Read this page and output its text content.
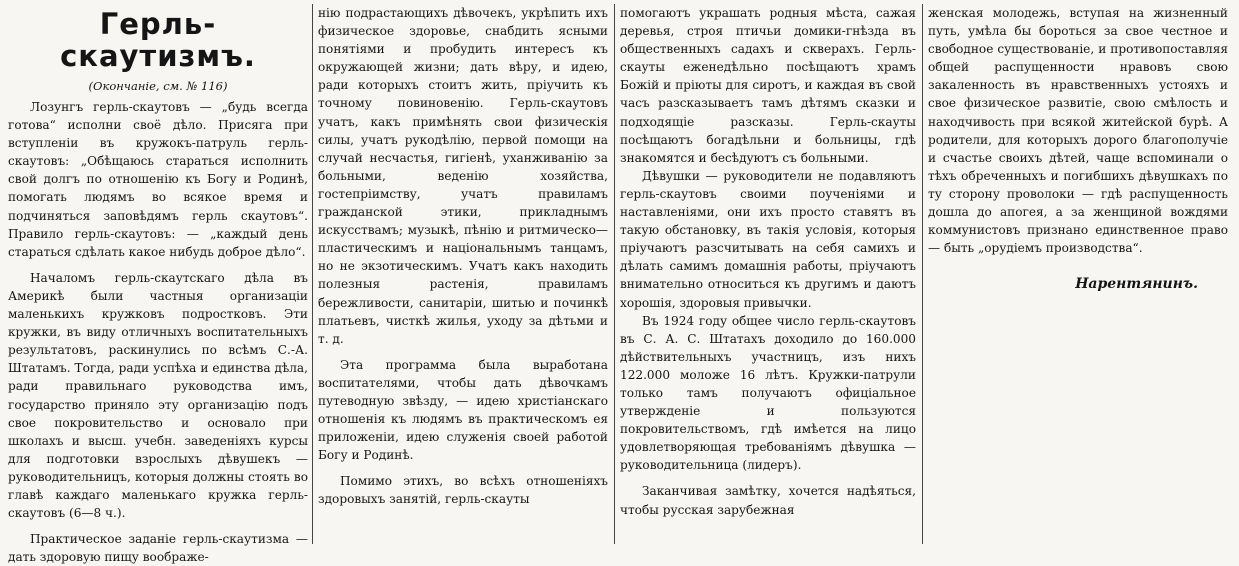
Герль-скаутизмъ.
(Окончаніе, см. № 116)

Лозунгъ герль-скаутовъ — „будь всегда готова“ исполни своё дѣло. Присяга при вступленіи въ кружокъ-патруль герль-скаутовъ: „Обѣщаюсь стараться исполнить свой долгъ по отношенію къ Богу и Родинѣ, помогать людямъ во всякое время и подчиняться заповѣдямъ герль скаутовъ“. Правило герль-скаутовъ: — „каждый день стараться сдѣлать какое нибудь доброе дѣло“.

Началомъ герль-скаутскаго дѣла въ Америкѣ были частныя организаціи маленькихъ кружковъ подростковъ. Эти кружки, въ виду отличныхъ воспитательныхъ результатовъ, раскинулись по всѣмъ С.-А. Штатамъ. Тогда, ради успѣха и единства дѣла, ради правильнаго руководства имъ, государство приняло эту организацію подъ свое покровительство и основало при школахъ и высш. учебн. заведеніяхъ курсы для подготовки взрослыхъ дѣвушекъ — руководительницъ, которыя должны стоять во главѣ каждаго маленькаго кружка герль-скаутовъ (6—8 ч.).

Практическое заданіе герль-скаутизма — дать здоровую пищу воображе-

нію подрастающихъ дѣвочекъ, укрѣпить ихъ физическое здоровье, снабдить ясными понятіями и пробудить интересъ къ окружающей жизни; дать вѣру, и идею, ради которыхъ стоитъ жить, пріучить къ точному повиновенію. Герль-скаутовъ учатъ, какъ примѣнять свои физическія силы, учатъ рукодѣлію, первой помощи на случай несчастья, гигіенѣ, уханживанію за больными, веденію хозяйства, гостепріимству, учатъ правиламъ гражданской этики, прикладнымъ искусствамъ; музыкѣ, пѣнію и ритмическо—пластическимъ и національнымъ танцамъ, но не экзотическимъ. Учатъ какъ находить полезныя растенія, правиламъ бережливости, санитаріи, шитью и починкѣ платьевъ, чисткѣ жилья, уходу за дѣтьми и т. д.

Эта программа была выработана воспитателями, чтобы дать дѣвочкамъ путеводную звѣзду, — идею христіанскаго отношенія къ людямъ въ практическомъ ея приложеніи, идею служенія своей работой Богу и Родинѣ.

Помимо этихъ, во всѣхъ отношеніяхъ здоровыхъ занятій, герль-скауты

помогаютъ украшать родныя мѣста, сажая деревья, строя птичьи домики-гнѣзда въ общественныхъ садахъ и скверахъ. Герль-скауты еженедѣльно посѣщаютъ храмъ Божій и пріюты для сиротъ, и каждая въ свой часъ разсказываетъ тамъ дѣтямъ сказки и подходящіе разсказы. Герль-скауты посѣщаютъ богадѣльни и больницы, гдѣ знакомятся и бесѣдуютъ съ больными.

Дѣвушки — руководители не подавляютъ герль-скаутовъ своими поученіями и наставленіями, они ихъ просто ставятъ въ такую обстановку, въ такія условія, которыя пріучаютъ разсчитывать на себя самихъ и дѣлать самимъ домашнія работы, пріучаютъ внимательно относиться къ другимъ и даютъ хорошія, здоровыя привычки.

Въ 1924 году общее число герль-скаутовъ въ С. А. С. Штатахъ доходило до 160.000 дѣйствительныхъ участницъ, изъ нихъ 122.000 моложе 16 лѣтъ. Кружки-патрули только тамъ получаютъ офиціальное утвержденіе и пользуются покровительствомъ, гдѣ имѣется на лицо удовлетворяющая требованіямъ дѣвушка — руководительница (лидеръ).

Заканчивая замѣтку, хочется надѣяться, чтобы русская зарубежная

женская молодежь, вступая на жизненный путь, умѣла бы бороться за свое честное и свободное существованіе, и противопоставляя общей распущенности нравовъ свою закаленность въ нравственныхъ устояхъ и свое физическое развитіе, свою смѣлость и находчивость при всякой житейской бурѣ. А родители, для которыхъ дорого благополучіе и счастье своихъ дѣтей, чаще вспоминали о тѣхъ обреченныхъ и погибшихъ дѣвушкахъ по ту сторону проволоки — гдѣ распущенность дошла до апогея, а за женщиной вождями коммунистовъ признано единственное право — быть „орудіемъ производства“.

Нарентянинъ.
